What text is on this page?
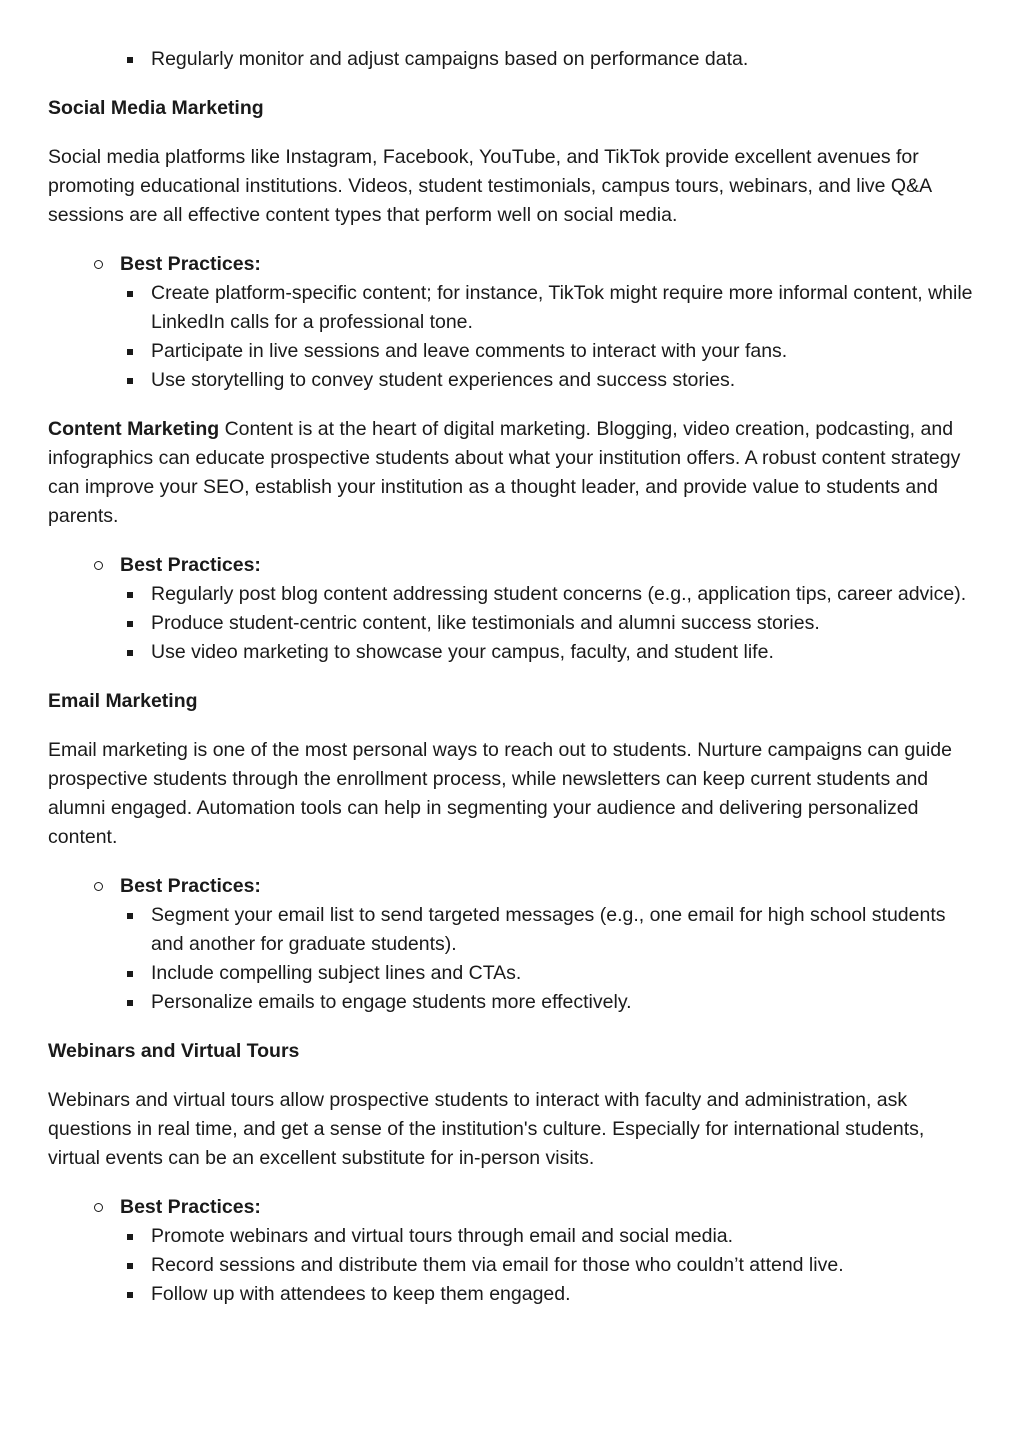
Regularly monitor and adjust campaigns based on performance data.

Social Media Marketing

Social media platforms like Instagram, Facebook, YouTube, and TikTok provide excellent avenues for promoting educational institutions. Videos, student testimonials, campus tours, webinars, and live Q&A sessions are all effective content types that perform well on social media.

Best Practices:
Create platform-specific content; for instance, TikTok might require more informal content, while LinkedIn calls for a professional tone.
Participate in live sessions and leave comments to interact with your fans.
Use storytelling to convey student experiences and success stories.

Content Marketing Content is at the heart of digital marketing. Blogging, video creation, podcasting, and infographics can educate prospective students about what your institution offers. A robust content strategy can improve your SEO, establish your institution as a thought leader, and provide value to students and parents.

Best Practices:
Regularly post blog content addressing student concerns (e.g., application tips, career advice).
Produce student-centric content, like testimonials and alumni success stories.
Use video marketing to showcase your campus, faculty, and student life.

Email Marketing

Email marketing is one of the most personal ways to reach out to students. Nurture campaigns can guide prospective students through the enrollment process, while newsletters can keep current students and alumni engaged. Automation tools can help in segmenting your audience and delivering personalized content.

Best Practices:
Segment your email list to send targeted messages (e.g., one email for high school students and another for graduate students).
Include compelling subject lines and CTAs.
Personalize emails to engage students more effectively.

Webinars and Virtual Tours

Webinars and virtual tours allow prospective students to interact with faculty and administration, ask questions in real time, and get a sense of the institution's culture. Especially for international students, virtual events can be an excellent substitute for in-person visits.

Best Practices:
Promote webinars and virtual tours through email and social media.
Record sessions and distribute them via email for those who couldn’t attend live.
Follow up with attendees to keep them engaged.
